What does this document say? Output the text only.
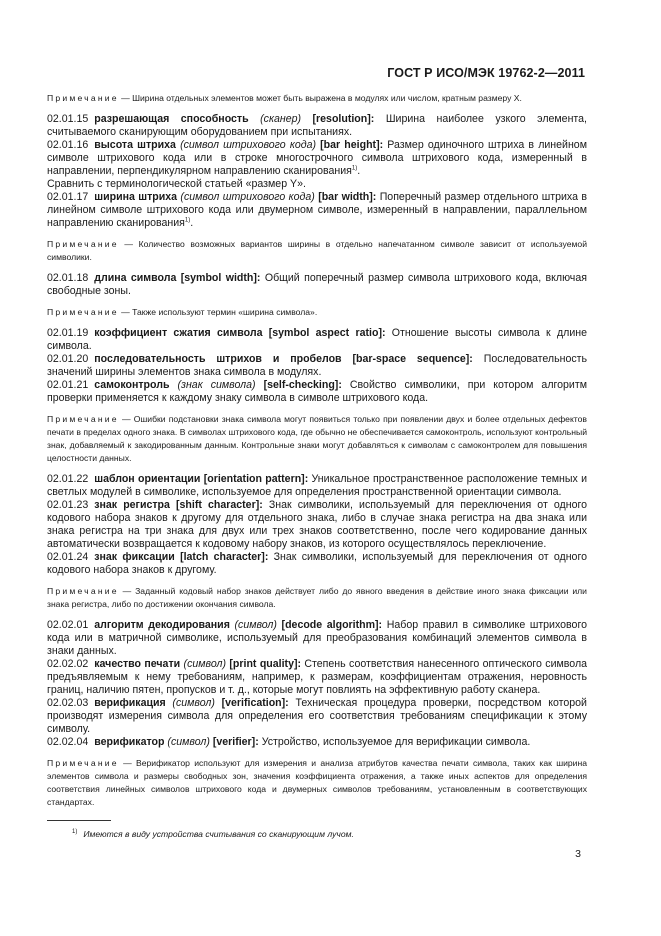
ГОСТ Р ИСО/МЭК 19762-2—2011

Примечание — Ширина отдельных элементов может быть выражена в модулях или числом, кратным размеру X.

02.01.15 разрешающая способность (сканер) [resolution]: Ширина наиболее узкого элемента, считываемого сканирующим оборудованием при испытаниях.

02.01.16 высота штриха (символ штрихового кода) [bar height]: Размер одиночного штриха в линейном символе штрихового кода или в строке многострочного символа штрихового кода, измеренный в направлении, перпендикулярном направлению сканирования$^{1)}$.
Сравнить с терминологической статьей «размер Y».

02.01.17 ширина штриха (символ штрихового кода) [bar width]: Поперечный размер отдельного штриха в линейном символе штрихового кода или двумерном символе, измеренный в направлении, параллельном направлению сканирования$^{1)}$.

Примечание — Количество возможных вариантов ширины в отдельно напечатанном символе зависит от используемой символики.

02.01.18 длина символа [symbol width]: Общий поперечный размер символа штрихового кода, включая свободные зоны.

Примечание — Также используют термин «ширина символа».

02.01.19 коэффициент сжатия символа [symbol aspect ratio]: Отношение высоты символа к длине символа.

02.01.20 последовательность штрихов и пробелов [bar-space sequence]: Последовательность значений ширины элементов знака символа в модулях.

02.01.21 самоконтроль (знак символа) [self-checking]: Свойство символики, при котором алгоритм проверки применяется к каждому знаку символа в символе штрихового кода.

Примечание — Ошибки подстановки знака символа могут появиться только при появлении двух и более отдельных дефектов печати в пределах одного знака. В символах штрихового кода, где обычно не обеспечивается самоконтроль, используют контрольный знак, добавляемый к закодированным данным. Контрольные знаки могут добавляться к символам с самоконтролем для повышения целостности данных.

02.01.22 шаблон ориентации [orientation pattern]: Уникальное пространственное расположение темных и светлых модулей в символике, используемое для определения пространственной ориентации символа.

02.01.23 знак регистра [shift character]: Знак символики, используемый для переключения от одного кодового набора знаков к другому для отдельного знака, либо в случае знака регистра на два знака или знака регистра на три знака для двух или трех знаков соответственно, после чего кодирование данных автоматически возвращается к кодовому набору знаков, из которого осуществлялось переключение.

02.01.24 знак фиксации [latch character]: Знак символики, используемый для переключения от одного кодового набора знаков к другому.

Примечание — Заданный кодовый набор знаков действует либо до явного введения в действие иного знака фиксации или знака регистра, либо по достижении окончания символа.

02.02.01 алгоритм декодирования (символ) [decode algorithm]: Набор правил в символике штрихового кода или в матричной символике, используемый для преобразования комбинаций элементов символа в знаки данных.

02.02.02 качество печати (символ) [print quality]: Степень соответствия нанесенного оптического символа предъявляемым к нему требованиям, например, к размерам, коэффициентам отражения, неровность границ, наличию пятен, пропусков и т. д., которые могут повлиять на эффективную работу сканера.

02.02.03 верификация (символ) [verification]: Техническая процедура проверки, посредством которой производят измерения символа для определения его соответствия требованиям спецификации к этому символу.

02.02.04 верификатор (символ) [verifier]: Устройство, используемое для верификации символа.

Примечание — Верификатор используют для измерения и анализа атрибутов качества печати символа, таких как ширина элементов символа и размеры свободных зон, значения коэффициента отражения, а также иных аспектов для определения соответствия линейных символов штрихового кода и двумерных символов требованиям, установленным в соответствующих стандартах.

$^{1)}$ Имеются в виду устройства считывания со сканирующим лучом.
3
